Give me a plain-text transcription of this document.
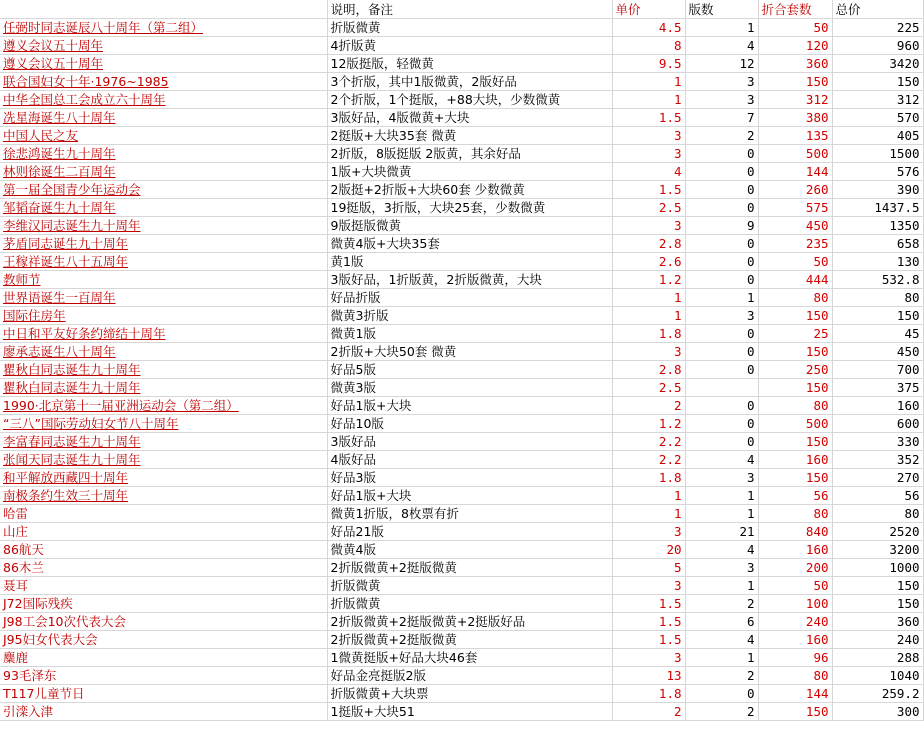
	说明，备注	单价	版数	折合套数	总价
任弼时同志诞辰八十周年（第二组）	折版微黄	4.5	1	50	225
遵义会议五十周年	4折版黄	8	4	120	960
遵义会议五十周年	12版挺版，轻微黄	9.5	12	360	3420
联合国妇女十年·1976~1985	3个折版，其中1版微黄，2版好品	1	3	150	150
中华全国总工会成立六十周年	2个折版，1个挺版，+88大块，少数微黄	1	3	312	312
冼星海诞生八十周年	3版好品，4版微黄+大块	1.5	7	380	570
中国人民之友	2挺版+大块35套 微黄	3	2	135	405
徐悲鸿诞生九十周年	2折版，8版挺版 2版黄，其余好品	3	0	500	1500
林则徐诞生二百周年	1版+大块微黄	4	0	144	576
第一届全国青少年运动会	2版挺+2折版+大块60套 少数微黄	1.5	0	260	390
邹韬奋诞生九十周年	19挺版，3折版，大块25套，少数微黄	2.5	0	575	1437.5
李维汉同志诞生九十周年	9版挺版微黄	3	9	450	1350
茅盾同志诞生九十周年	微黄4版+大块35套	2.8	0	235	658
王稼祥诞生八十五周年	黄1版	2.6	0	50	130
教师节	3版好品，1折版黄，2折版微黄，大块	1.2	0	444	532.8
世界语诞生一百周年	好品折版	1	1	80	80
国际住房年	微黄3折版	1	3	150	150
中日和平友好条约缔结十周年	微黄1版	1.8	0	25	45
廖承志诞生八十周年	2折版+大块50套 微黄	3	0	150	450
瞿秋白同志诞生九十周年	好品5版	2.8	0	250	700
瞿秋白同志诞生九十周年	微黄3版	2.5		150	375
1990·北京第十一届亚洲运动会（第二组）	好品1版+大块	2	0	80	160
“三八”国际劳动妇女节八十周年	好品10版	1.2	0	500	600
李富春同志诞生九十周年	3版好品	2.2	0	150	330
张闻天同志诞生九十周年	4版好品	2.2	4	160	352
和平解放西藏四十周年	好品3版	1.8	3	150	270
南极条约生效三十周年	好品1版+大块	1	1	56	56
哈雷	微黄1折版，8枚票有折	1	1	80	80
山庄	好品21版	3	21	840	2520
86航天	微黄4版	20	4	160	3200
86木兰	2折版微黄+2挺版微黄	5	3	200	1000
聂耳	折版微黄	3	1	50	150
J72国际残疾	折版微黄	1.5	2	100	150
J98工会10次代表大会	2折版微黄+2挺版微黄+2挺版好品	1.5	6	240	360
J95妇女代表大会	2折版微黄+2挺版微黄	1.5	4	160	240
麋鹿	1微黄挺版+好品大块46套	3	1	96	288
93毛泽东	好品金亮挺版2版	13	2	80	1040
T117儿童节日	折版微黄+大块票	1.8	0	144	259.2
引滦入津	1挺版+大块51	2	2	150	300
